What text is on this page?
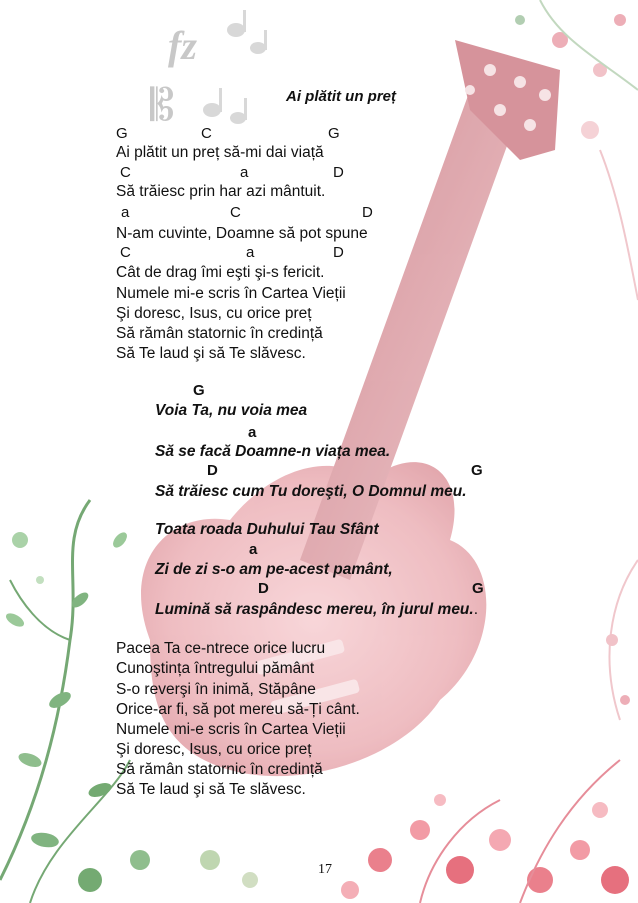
fz
𝄡	Ai plătit un preț
G	C	G
Ai plătit un preț să-mi dai viață
C	a	D
Să trăiesc prin har azi mântuit.
a	C	D
N-am cuvinte, Doamne să pot spune
C	a	D
Cât de drag îmi eşti şi-s fericit.
Numele mi-e scris în Cartea Vieții
Şi doresc, Isus, cu orice preț
Să rămân statornic în credință
Să Te laud şi să Te slăvesc.
G
Voia Ta, nu voia mea
a
Să se facă Doamne-n viața mea.
D	G
Să trăiesc cum Tu doreşti, O Domnul meu.
Toata roada Duhului Tau Sfânt
a
Zi de zi s-o am pe-acest pamânt,
D	G
Lumină să raspândesc mereu, în jurul meu..
Pacea Ta ce-ntrece orice lucru
Cunoştința întregului pământ
S-o reverşi în inimă, Stăpâne
Orice-ar fi, să pot mereu să-Ți cânt.
Numele mi-e scris în Cartea Vieții
Şi doresc, Isus, cu orice preț
Să rămân statornic în credință
Să Te laud şi să Te slăvesc.
17
